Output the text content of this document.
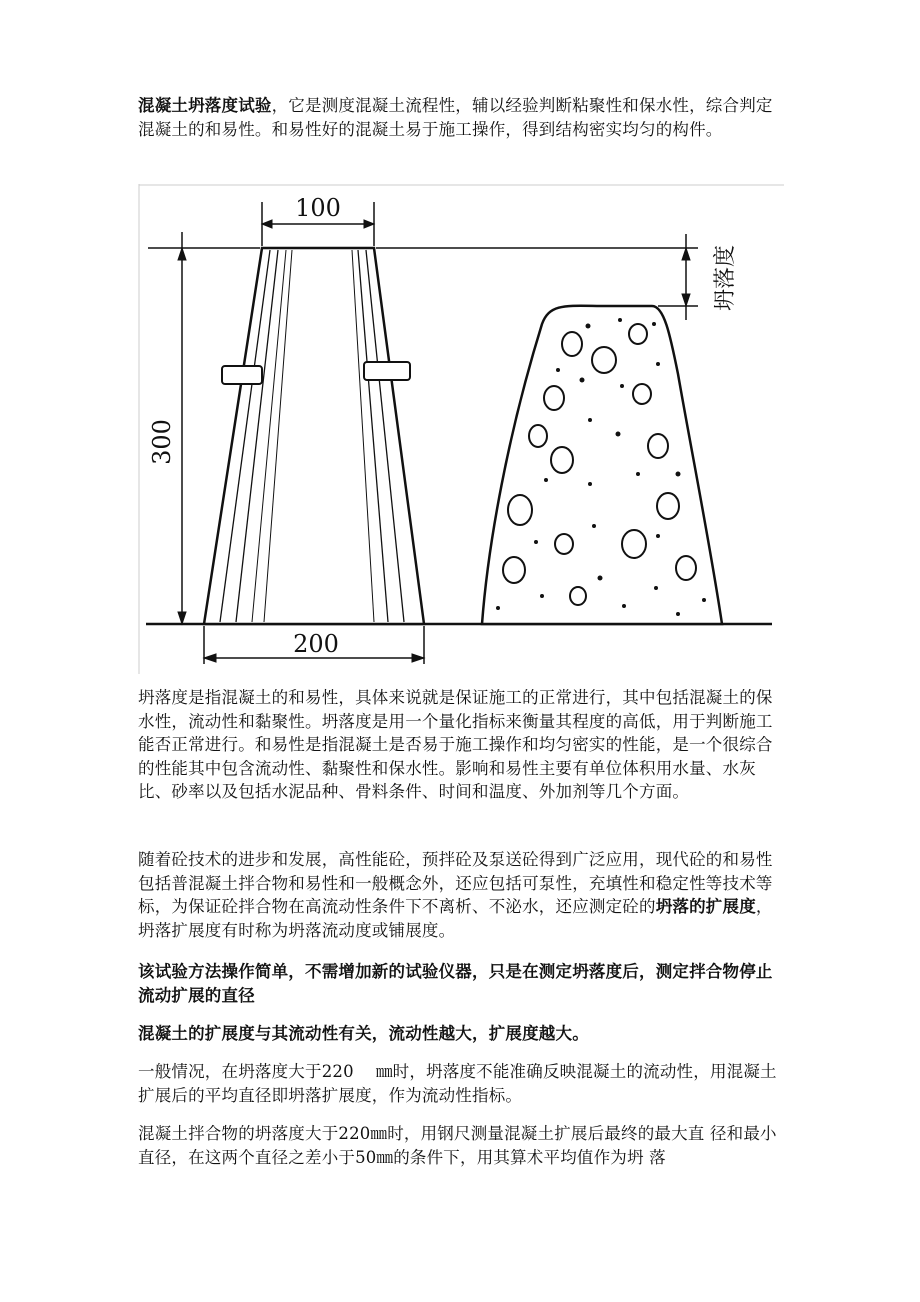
混凝土坍落度试验，它是测度混凝土流程性，辅以经验判断粘聚性和保水性，综合判定混凝土的和易性。和易性好的混凝土易于施工操作，得到结构密实均匀的构件。

100
300
200
坍落度

坍落度是指混凝土的和易性，具体来说就是保证施工的正常进行，其中包括混凝土的保水性，流动性和黏聚性。坍落度是用一个量化指标来衡量其程度的高低，用于判断施工能否正常进行。和易性是指混凝土是否易于施工操作和均匀密实的性能，是一个很综合的性能其中包含流动性、黏聚性和保水性。影响和易性主要有单位体积用水量、水灰比、砂率以及包括水泥品种、骨料条件、时间和温度、外加剂等几个方面。

随着砼技术的进步和发展，高性能砼，预拌砼及泵送砼得到广泛应用，现代砼的和易性包括普混凝土拌合物和易性和一般概念外，还应包括可泵性，充填性和稳定性等技术等标，为保证砼拌合物在高流动性条件下不离析、不泌水，还应测定砼的坍落的扩展度，坍落扩展度有时称为坍落流动度或铺展度。

该试验方法操作简单，不需增加新的试验仪器，只是在测定坍落度后，测定拌合物停止流动扩展的直径

混凝土的扩展度与其流动性有关，流动性越大，扩展度越大。

一般情况，在坍落度大于220　 ㎜时，坍落度不能准确反映混凝土的流动性，用混凝土扩展后的平均直径即坍落扩展度，作为流动性指标。

混凝土拌合物的坍落度大于220㎜时，用钢尺测量混凝土扩展后最终的最大直 径和最小直径，在这两个直径之差小于50㎜的条件下，用其算术平均值作为坍 落
